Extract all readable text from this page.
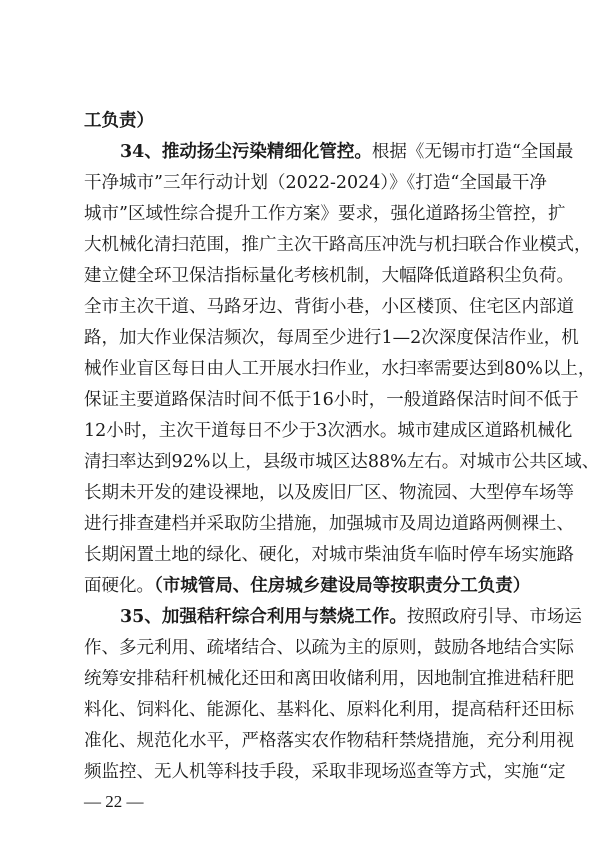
工负责）
34、推动扬尘污染精细化管控。根据《无锡市打造“全国最
干净城市”三年行动计划（2022-2024）》《打造“全国最干净
城市”区域性综合提升工作方案》要求，强化道路扬尘管控，扩
大机械化清扫范围，推广主次干路高压冲洗与机扫联合作业模式，
建立健全环卫保洁指标量化考核机制，大幅降低道路积尘负荷。
全市主次干道、马路牙边、背街小巷，小区楼顶、住宅区内部道
路，加大作业保洁频次，每周至少进行1—2次深度保洁作业，机
械作业盲区每日由人工开展水扫作业，水扫率需要达到80%以上，
保证主要道路保洁时间不低于16小时，一般道路保洁时间不低于
12小时，主次干道每日不少于3次洒水。城市建成区道路机械化
清扫率达到92%以上，县级市城区达88%左右。对城市公共区域、
长期未开发的建设裸地，以及废旧厂区、物流园、大型停车场等
进行排查建档并采取防尘措施，加强城市及周边道路两侧裸土、
长期闲置土地的绿化、硬化，对城市柴油货车临时停车场实施路
面硬化。（市城管局、住房城乡建设局等按职责分工负责）
35、加强秸秆综合利用与禁烧工作。按照政府引导、市场运
作、多元利用、疏堵结合、以疏为主的原则，鼓励各地结合实际
统筹安排秸秆机械化还田和离田收储利用，因地制宜推进秸秆肥
料化、饲料化、能源化、基料化、原料化利用，提高秸秆还田标
准化、规范化水平，严格落实农作物秸秆禁烧措施，充分利用视
频监控、无人机等科技手段，采取非现场巡查等方式，实施“定
— 22 —
